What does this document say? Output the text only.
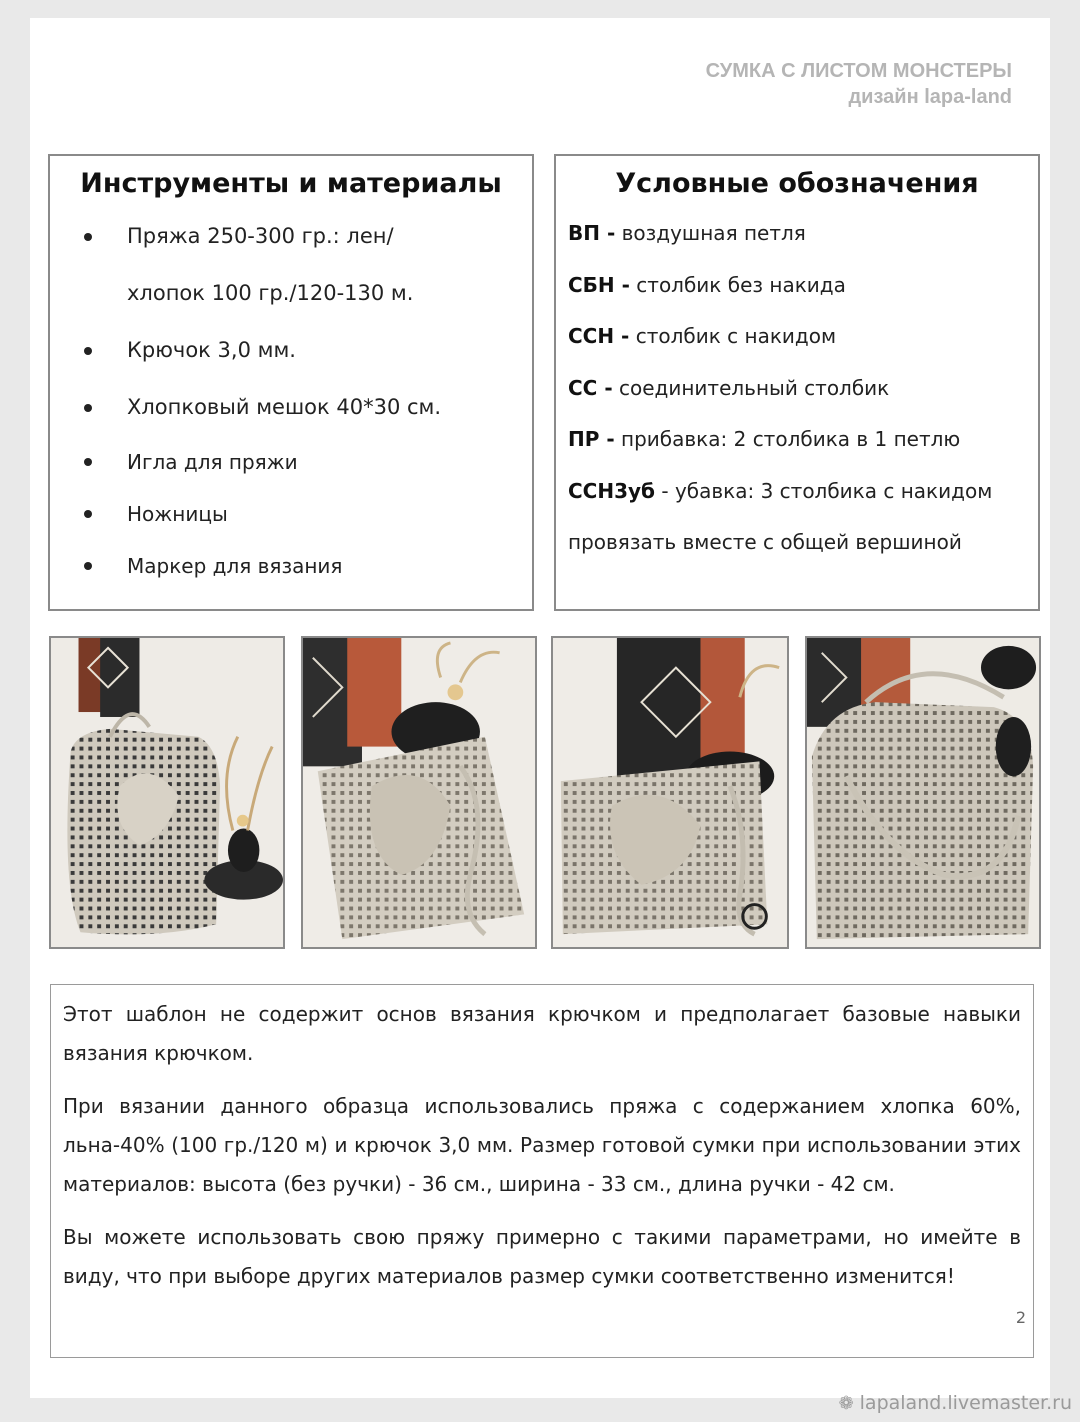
СУМКА С ЛИСТОМ МОНСТЕРЫ
дизайн lapa-land
Инструменты и материалы
Пряжа 250-300 гр.: лен/
хлопок 100 гр./120-130 м.
Крючок 3,0 мм.
Хлопковый мешок 40*30 см.
Игла для пряжи
Ножницы
Маркер для вязания
Условные обозначения
ВП - воздушная петля
СБН - столбик без накида
ССН - столбик с накидом
СС - соединительный столбик
ПР - прибавка: 2 столбика в 1 петлю
ССН3уб - убавка: 3 столбика с накидом
провязать вместе с общей вершиной

Этот шаблон не содержит основ вязания крючком и предполагает базовые навыки вязания крючком.

При вязании данного образца использовались пряжа с содержанием хлопка 60%, льна-40% (100 гр./120 м) и крючок 3,0 мм. Размер готовой сумки при использовании этих материалов: высота (без ручки) - 36 см., ширина - 33 см., длина ручки - 42 см.

Вы можете использовать свою пряжу примерно с такими параметрами, но имейте в виду, что при выборе других материалов размер сумки соответственно изменится!

2
❁ lapaland.livemaster.ru
